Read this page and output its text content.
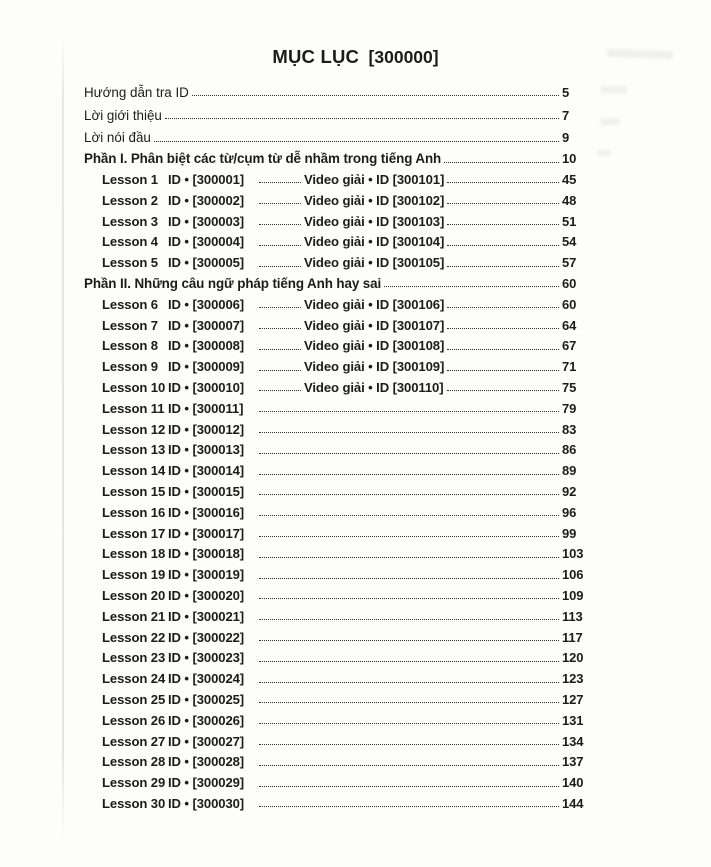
MỤC LỤC [300000]
Hướng dẫn tra ID	5
Lời giới thiệu	7
Lời nói đầu	9
Phần I. Phân biệt các từ/cụm từ dễ nhầm trong tiếng Anh	10
Lesson 1 ID • [300001]	Video giải • ID [300101]	45
Lesson 2 ID • [300002]	Video giải • ID [300102]	48
Lesson 3 ID • [300003]	Video giải • ID [300103]	51
Lesson 4 ID • [300004]	Video giải • ID [300104]	54
Lesson 5 ID • [300005]	Video giải • ID [300105]	57
Phần II. Những câu ngữ pháp tiếng Anh hay sai	60
Lesson 6 ID • [300006]	Video giải • ID [300106]	60
Lesson 7 ID • [300007]	Video giải • ID [300107]	64
Lesson 8 ID • [300008]	Video giải • ID [300108]	67
Lesson 9 ID • [300009]	Video giải • ID [300109]	71
Lesson 10 ID • [300010]	Video giải • ID [300110]	75
Lesson 11 ID • [300011]	79
Lesson 12 ID • [300012]	83
Lesson 13 ID • [300013]	86
Lesson 14 ID • [300014]	89
Lesson 15 ID • [300015]	92
Lesson 16 ID • [300016]	96
Lesson 17 ID • [300017]	99
Lesson 18 ID • [300018]	103
Lesson 19 ID • [300019]	106
Lesson 20 ID • [300020]	109
Lesson 21 ID • [300021]	113
Lesson 22 ID • [300022]	117
Lesson 23 ID • [300023]	120
Lesson 24 ID • [300024]	123
Lesson 25 ID • [300025]	127
Lesson 26 ID • [300026]	131
Lesson 27 ID • [300027]	134
Lesson 28 ID • [300028]	137
Lesson 29 ID • [300029]	140
Lesson 30 ID • [300030]	144
